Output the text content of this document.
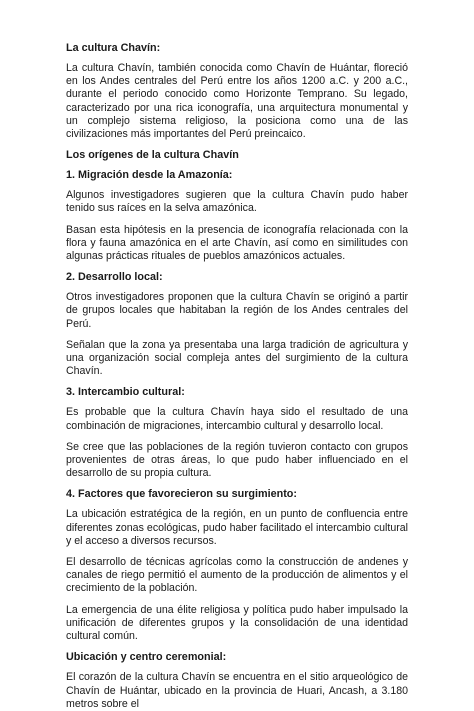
La cultura Chavín:

La cultura Chavín, también conocida como Chavín de Huántar, floreció en los Andes centrales del Perú entre los años 1200 a.C. y 200 a.C., durante el periodo conocido como Horizonte Temprano. Su legado, caracterizado por una rica iconografía, una arquitectura monumental y un complejo sistema religioso, la posiciona como una de las civilizaciones más importantes del Perú preincaico.

Los orígenes de la cultura Chavín
1. Migración desde la Amazonía:

Algunos investigadores sugieren que la cultura Chavín pudo haber tenido sus raíces en la selva amazónica.

Basan esta hipótesis en la presencia de iconografía relacionada con la flora y fauna amazónica en el arte Chavín, así como en similitudes con algunas prácticas rituales de pueblos amazónicos actuales.

2. Desarrollo local:

Otros investigadores proponen que la cultura Chavín se originó a partir de grupos locales que habitaban la región de los Andes centrales del Perú.

Señalan que la zona ya presentaba una larga tradición de agricultura y una organización social compleja antes del surgimiento de la cultura Chavín.

3. Intercambio cultural:

Es probable que la cultura Chavín haya sido el resultado de una combinación de migraciones, intercambio cultural y desarrollo local.

Se cree que las poblaciones de la región tuvieron contacto con grupos provenientes de otras áreas, lo que pudo haber influenciado en el desarrollo de su propia cultura.

4. Factores que favorecieron su surgimiento:

La ubicación estratégica de la región, en un punto de confluencia entre diferentes zonas ecológicas, pudo haber facilitado el intercambio cultural y el acceso a diversos recursos.

El desarrollo de técnicas agrícolas como la construcción de andenes y canales de riego permitió el aumento de la producción de alimentos y el crecimiento de la población.

La emergencia de una élite religiosa y política pudo haber impulsado la unificación de diferentes grupos y la consolidación de una identidad cultural común.

Ubicación y centro ceremonial:

El corazón de la cultura Chavín se encuentra en el sitio arqueológico de Chavín de Huántar, ubicado en la provincia de Huari, Ancash, a 3.180 metros sobre el
